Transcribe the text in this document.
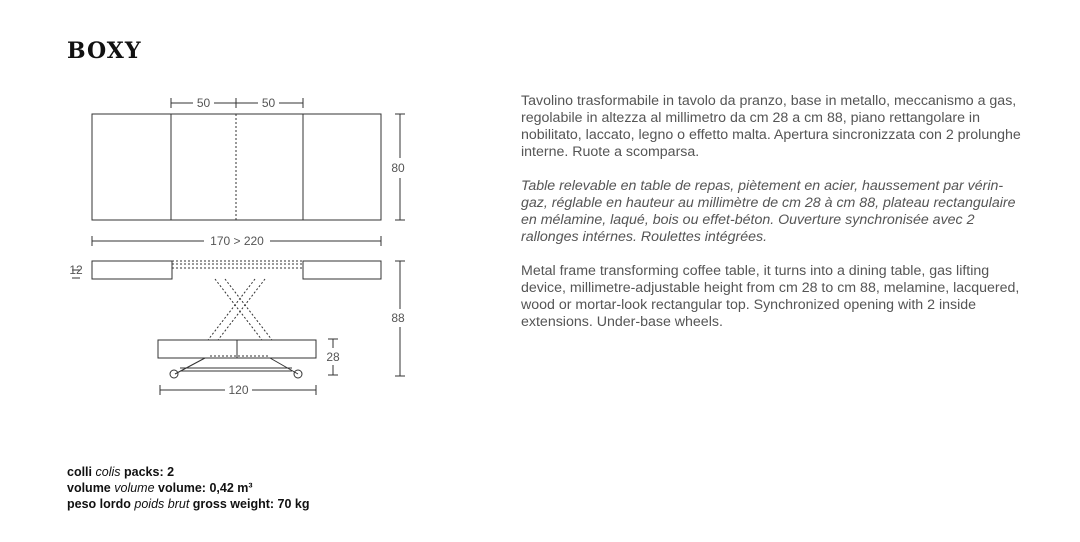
BOXY
50	50
80
170 > 220
12
88
28
120

Tavolino trasformabile in tavolo da pranzo, base in metallo, meccanismo a gas, regolabile in altezza al millimetro da cm 28 a cm 88, piano rettangolare in nobilitato, laccato, legno o effetto malta. Apertura sincronizzata con 2 prolunghe interne. Ruote a scomparsa.

Table relevable en table de repas, piètement en acier, haussement par vérin-gaz, réglable en hauteur au millimètre de cm 28 à cm 88, plateau rectangulaire en mélamine, laqué, bois ou effet-béton. Ouverture synchronisée avec 2 rallonges intérnes. Roulettes intégrées.

Metal frame transforming coffee table, it turns into a dining table, gas lifting device, millimetre-adjustable height from cm 28 to cm 88, melamine, lacquered, wood or mortar-look rectangular top. Synchronized opening with 2 inside extensions. Under-base wheels.

colli colis packs: 2
volume volume volume: 0,42 m³
peso lordo poids brut gross weight: 70 kg
